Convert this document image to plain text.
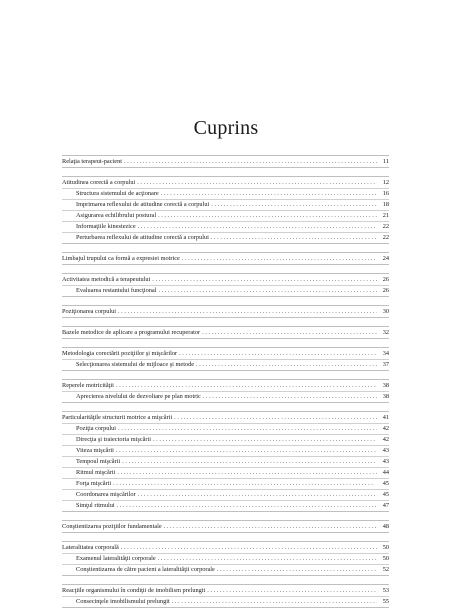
Cuprins
Relaţia terapeut-pacient . . .	11
Atitudinea corectă a corpului . . .	12
Structura sistemului de acţionare . . .	16
Imprimarea reflexului de atitudine corectă a corpului . . .	18
Asigurarea echilibrului postural . . .	21
Informaţiile kinestezice . . .	22
Perturbarea reflexului de atitudine corectă a corpului . . .	22
Limbajul trupului ca formă a expresiei motrice . . .	24
Activitatea metodică a terapeutului . . .	26
Evaluarea restantului funcţional . . .	26
Poziţionarea corpului . . .	30
Bazele metodice de aplicare a programului recuperator . . .	32
Metodologia corectării poziţiilor şi mişcărilor . . .	34
Selecţionarea sistemului de mijloace şi metode . . .	37
Reperele motricităţii . . .	38
Aprecierea nivelului de dezvoltare pe plan motric . . .	38
Particularităţile structurii motrice a mişcării . . .	41
Poziţia corpului . . .	42
Direcţia şi traiectoria mişcării . . .	42
Viteza mişcării . . .	43
Tempoul mişcării . . .	43
Ritmul mişcării . . .	44
Forţa mişcării . . .	45
Coordonarea mişcărilor . . .	45
Simţul ritmului . . .	47
Conştientizarea poziţiilor fundamentale . . .	48
Lateralitatea corporală . . .	50
Examenul lateralităţii corporale . . .	50
Conştientizarea de către pacient a lateralităţii corporale . . .	52
Reacţiile organismului în condiţii de imobilism prelungit . . .	53
Consecinţele imobilismului prelungit . . .	55
